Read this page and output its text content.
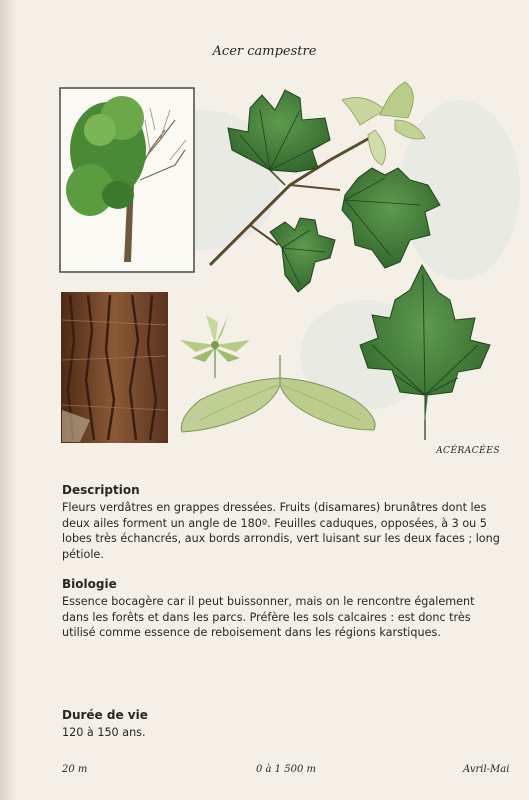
Acer campestre
ACÉRACÉES
Description
Fleurs verdâtres en grappes dressées. Fruits (disamares) brunâtres dont les deux ailes forment un angle de 180º. Feuilles caduques, opposées, à 3 ou 5 lobes très échancrés, aux bords arrondis, vert luisant sur les deux faces ; long pétiole.
Biologie
Essence bocagère car il peut buissonner, mais on le rencontre également dans les forêts et dans les parcs. Préfère les sols calcaires : est donc très utilisé comme essence de reboisement dans les régions karstiques.
Durée de vie
120 à 150 ans.
20 m	0 à 1 500 m	Avril-Mai
